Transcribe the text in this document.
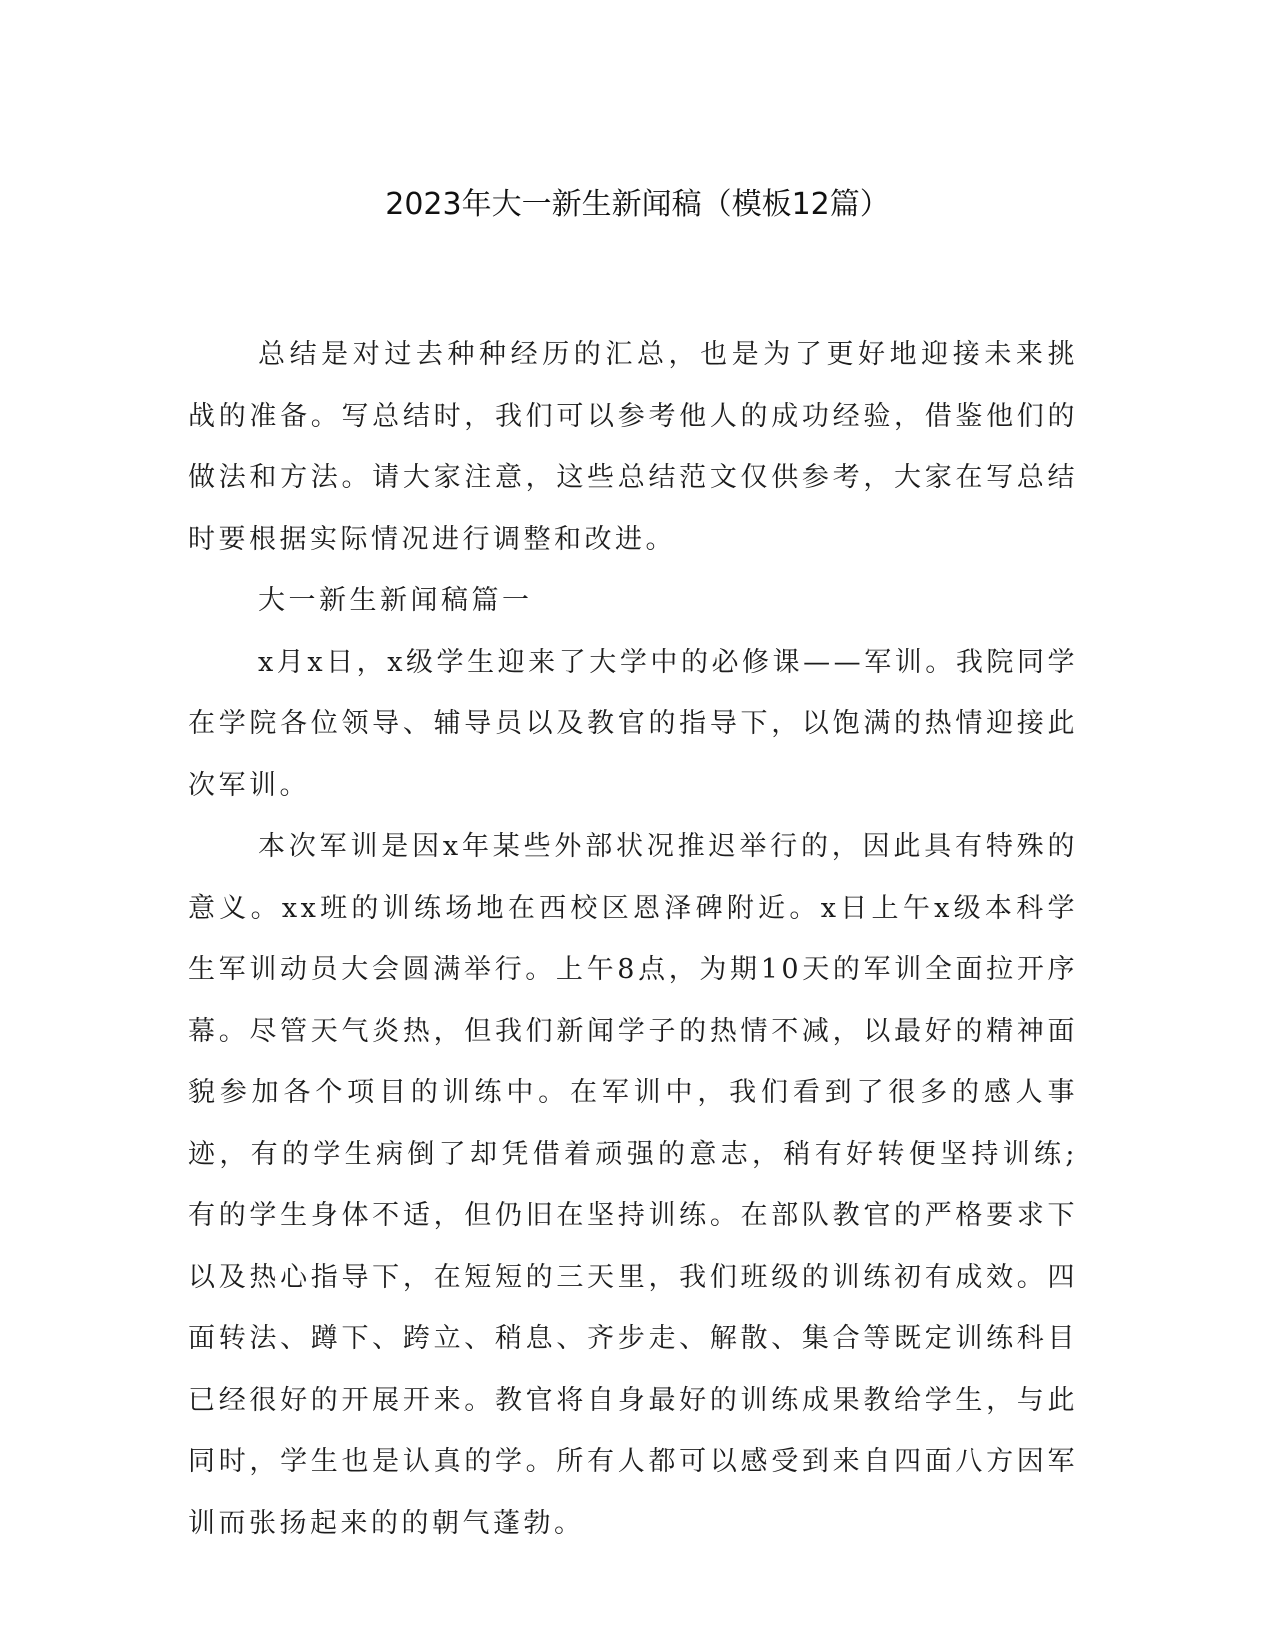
2023年大一新生新闻稿（模板12篇）

总结是对过去种种经历的汇总，也是为了更好地迎接未来挑战的准备。写总结时，我们可以参考他人的成功经验，借鉴他们的做法和方法。请大家注意，这些总结范文仅供参考，大家在写总结时要根据实际情况进行调整和改进。

大一新生新闻稿篇一

x月x日，x级学生迎来了大学中的必修课——军训。我院同学在学院各位领导、辅导员以及教官的指导下，以饱满的热情迎接此次军训。

本次军训是因x年某些外部状况推迟举行的，因此具有特殊的意义。xx班的训练场地在西校区恩泽碑附近。x日上午x级本科学生军训动员大会圆满举行。上午8点，为期10天的军训全面拉开序幕。尽管天气炎热，但我们新闻学子的热情不减，以最好的精神面貌参加各个项目的训练中。在军训中，我们看到了很多的感人事迹，有的学生病倒了却凭借着顽强的意志，稍有好转便坚持训练;有的学生身体不适，但仍旧在坚持训练。在部队教官的严格要求下以及热心指导下，在短短的三天里，我们班级的训练初有成效。四面转法、蹲下、跨立、稍息、齐步走、解散、集合等既定训练科目已经很好的开展开来。教官将自身最好的训练成果教给学生，与此同时，学生也是认真的学。所有人都可以感受到来自四面八方因军训而张扬起来的的朝气蓬勃。
